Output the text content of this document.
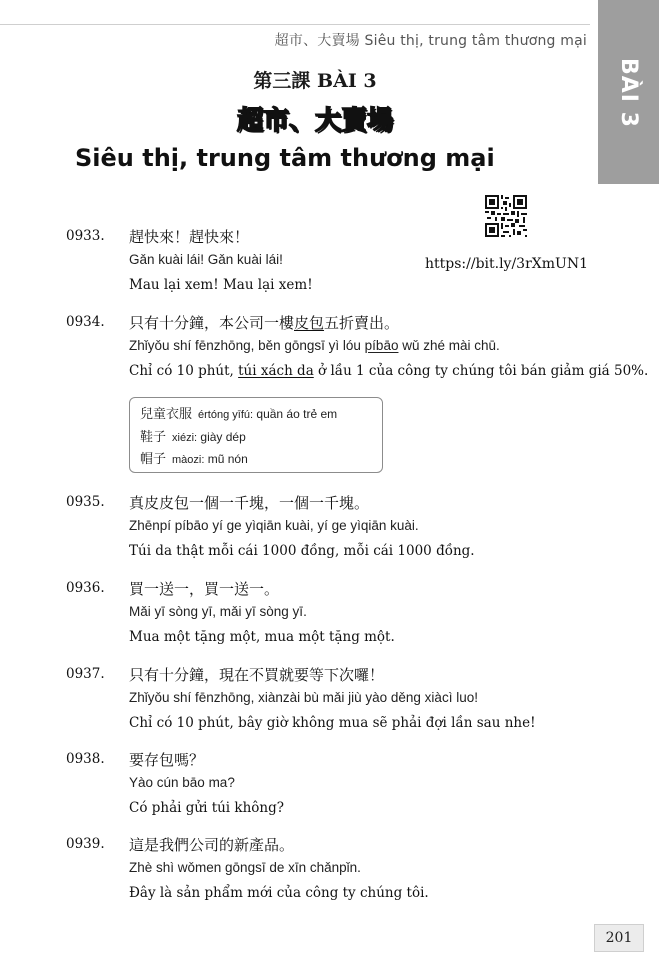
超市、大賣場 Siêu thị, trung tâm thương mại
BÀI 3
第三課 BÀI 3
超市、大賣場
Siêu thị, trung tâm thương mại
https://bit.ly/3rXmUN1
0933. 趕快來！趕快來！
Gǎn kuài lái! Gǎn kuài lái!
Mau lại xem! Mau lại xem!
0934. 只有十分鐘，本公司一樓皮包五折賣出。
Zhǐyǒu shí fēnzhōng, běn gōngsī yì lóu píbāo wǔ zhé mài chū.
Chỉ có 10 phút, túi xách da ở lầu 1 của công ty chúng tôi bán giảm giá 50%.
兒童衣服 értóng yīfú: quần áo trẻ em
鞋子 xiézi: giày dép
帽子 màozi: mũ nón
0935. 真皮皮包一個一千塊，一個一千塊。
Zhēnpí píbāo yí ge yìqiān kuài, yí ge yìqiān kuài.
Túi da thật mỗi cái 1000 đồng, mỗi cái 1000 đồng.
0936. 買一送一，買一送一。
Mǎi yī sòng yī, mǎi yī sòng yī.
Mua một tặng một, mua một tặng một.
0937. 只有十分鐘，現在不買就要等下次囉！
Zhǐyǒu shí fēnzhōng, xiànzài bù mǎi jiù yào děng xiàcì luo!
Chỉ có 10 phút, bây giờ không mua sẽ phải đợi lần sau nhe!
0938. 要存包嗎？
Yào cún bāo ma?
Có phải gửi túi không?
0939. 這是我們公司的新產品。
Zhè shì wǒmen gōngsī de xīn chǎnpǐn.
Đây là sản phẩm mới của công ty chúng tôi.
201
